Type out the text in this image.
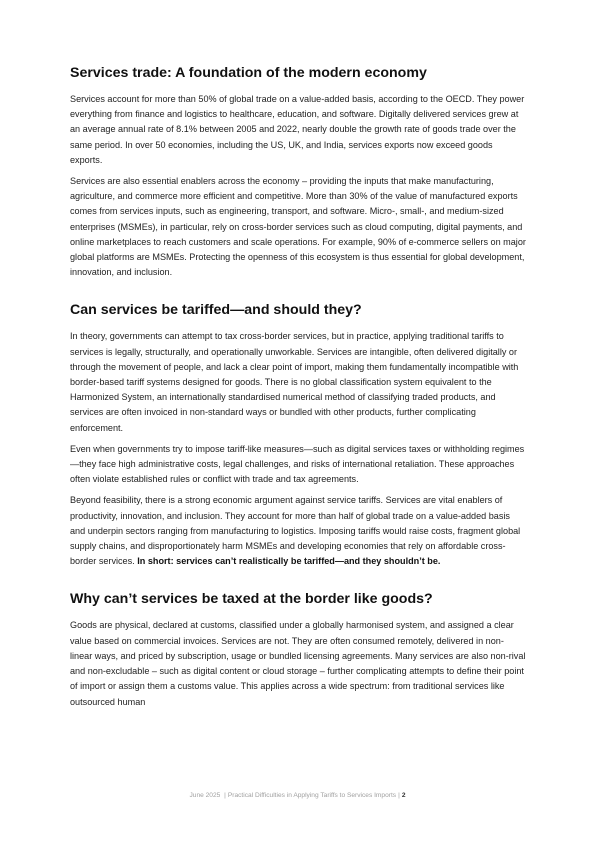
Services trade: A foundation of the modern economy

Services account for more than 50% of global trade on a value-added basis, according to the OECD. They power everything from finance and logistics to healthcare, education, and software. Digitally delivered services grew at an average annual rate of 8.1% between 2005 and 2022, nearly double the growth rate of goods trade over the same period. In over 50 economies, including the US, UK, and India, services exports now exceed goods exports.

Services are also essential enablers across the economy – providing the inputs that make manufacturing, agriculture, and commerce more efficient and competitive. More than 30% of the value of manufactured exports comes from services inputs, such as engineering, transport, and software. Micro-, small-, and medium-sized enterprises (MSMEs), in particular, rely on cross-border services such as cloud computing, digital payments, and online marketplaces to reach customers and scale operations. For example, 90% of e-commerce sellers on major global platforms are MSMEs. Protecting the openness of this ecosystem is thus essential for global development, innovation, and inclusion.

Can services be tariffed—and should they?

In theory, governments can attempt to tax cross-border services, but in practice, applying traditional tariffs to services is legally, structurally, and operationally unworkable. Services are intangible, often delivered digitally or through the movement of people, and lack a clear point of import, making them fundamentally incompatible with border-based tariff systems designed for goods. There is no global classification system equivalent to the Harmonized System, an internationally standardised numerical method of classifying traded products, and services are often invoiced in non-standard ways or bundled with other products, further complicating enforcement.

Even when governments try to impose tariff-like measures—such as digital services taxes or withholding regimes—they face high administrative costs, legal challenges, and risks of international retaliation. These approaches often violate established rules or conflict with trade and tax agreements.

Beyond feasibility, there is a strong economic argument against service tariffs. Services are vital enablers of productivity, innovation, and inclusion. They account for more than half of global trade on a value-added basis and underpin sectors ranging from manufacturing to logistics. Imposing tariffs would raise costs, fragment global supply chains, and disproportionately harm MSMEs and developing economies that rely on affordable cross-border services. In short: services can’t realistically be tariffed—and they shouldn’t be.

Why can’t services be taxed at the border like goods?

Goods are physical, declared at customs, classified under a globally harmonised system, and assigned a clear value based on commercial invoices. Services are not. They are often consumed remotely, delivered in non-linear ways, and priced by subscription, usage or bundled licensing agreements. Many services are also non-rival and non-excludable – such as digital content or cloud storage – further complicating attempts to define their point of import or assign them a customs value. This applies across a wide spectrum: from traditional services like outsourced human

June 2025 | Practical Difficulties in Applying Tariffs to Services Imports | 2
